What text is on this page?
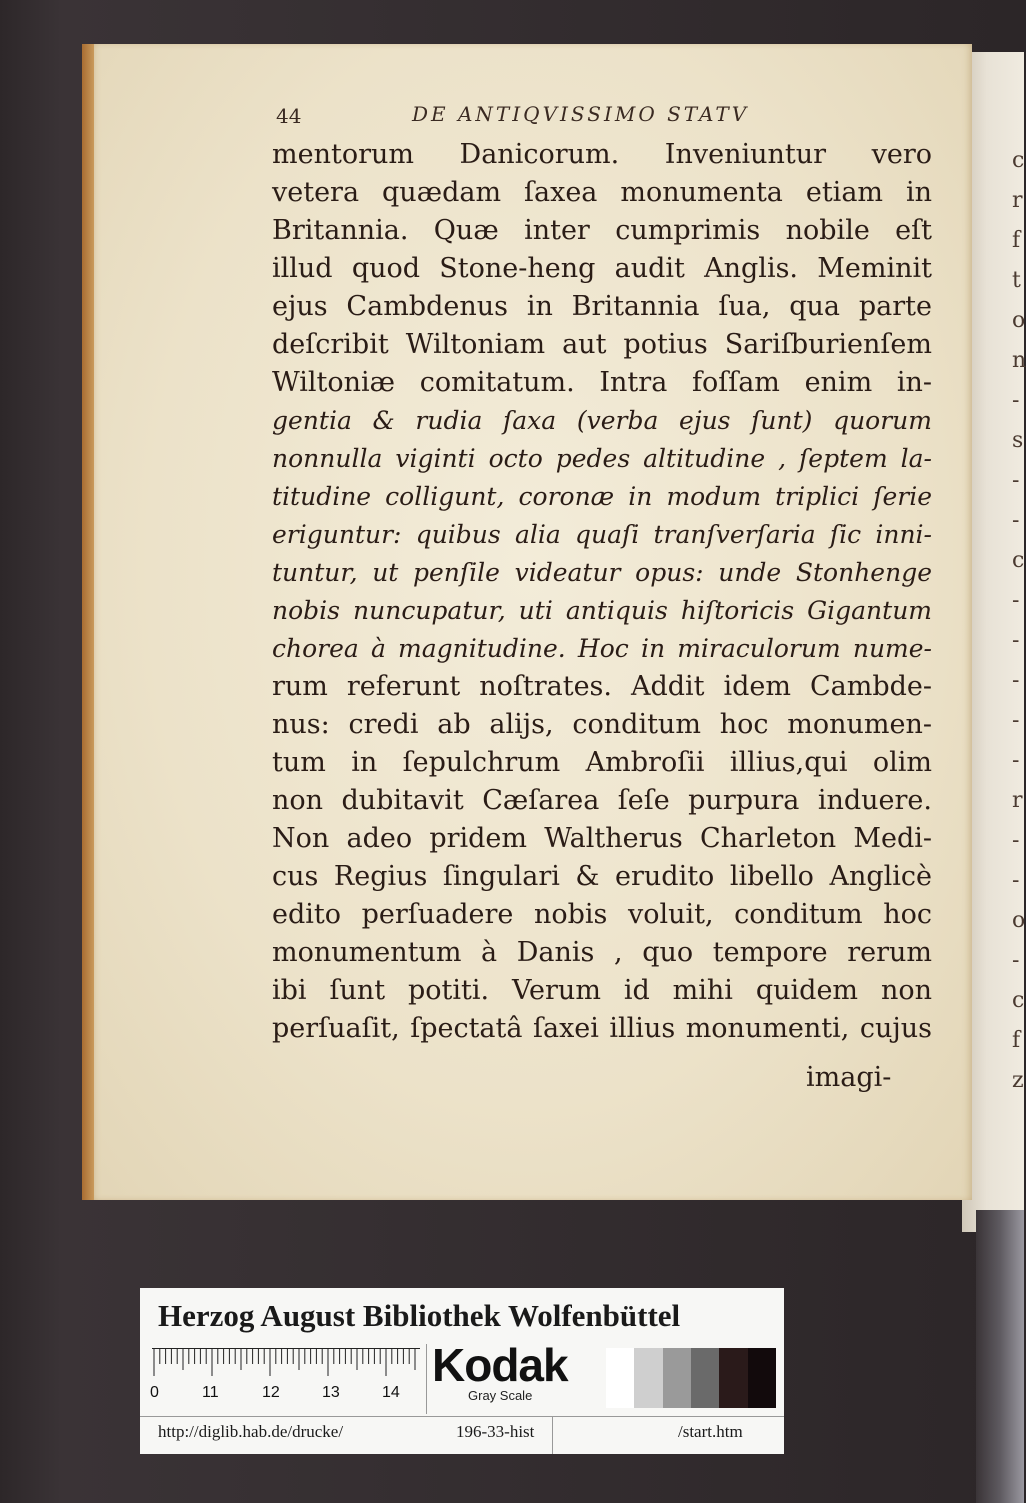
c
r
f
t
o
n
-
s
-
-
c
-
-
-
-
-
r
-
-
o
-
c
f
z
44	DE ANTIQVISSIMO STATV
mentorum Danicorum. Inveniuntur vero
vetera quædam ſaxea monumenta etiam in
Britannia. Quæ inter cumprimis nobile eſt
illud quod Stone-heng audit Anglis. Meminit
ejus Cambdenus in Britannia ſua, qua parte
deſcribit Wiltoniam aut potius Sariſburienſem
Wiltoniæ comitatum. Intra foſſam enim in-
gentia & rudia ſaxa (verba ejus ſunt) quorum
nonnulla viginti octo pedes altitudine , ſeptem la-
titudine colligunt, coronæ in modum triplici ſerie
eriguntur: quibus alia quaſi tranſverſaria ſic inni-
tuntur, ut penſile videatur opus: unde Stonhenge
nobis nuncupatur, uti antiquis hiſtoricis Gigantum
chorea à magnitudine. Hoc in miraculorum nume-
rum referunt noſtrates. Addit idem Cambde-
nus: credi ab alijs, conditum hoc monumen-
tum in ſepulchrum Ambroſii illius,qui olim
non dubitavit Cæſarea ſeſe purpura induere.
Non adeo pridem Waltherus Charleton Medi-
cus Regius ſingulari & erudito libello Anglicè
edito perſuadere nobis voluit, conditum hoc
monumentum à Danis , quo tempore rerum
ibi ſunt potiti. Verum id mihi quidem non
perſuaſit, ſpectatâ ſaxei illius monumenti, cujus
imagi-
Herzog August Bibliothek Wolfenbüttel
0	11	12	13	14
Kodak
Gray Scale
http://diglib.hab.de/drucke/	196-33-hist	/start.htm
